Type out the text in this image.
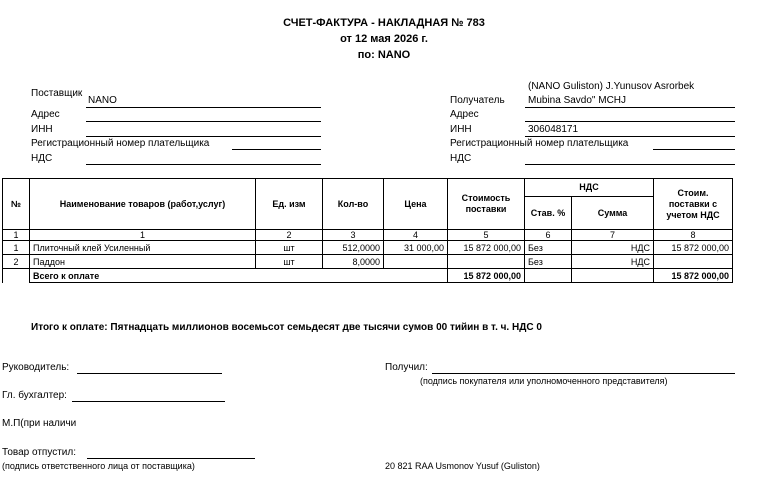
СЧЕТ-ФАКТУРА - НАКЛАДНАЯ № 783
от 12 мая 2026 г.
по: NANO
Поставщик
NANO
Адрес
ИНН
Регистрационный номер плательщика
НДС
(NANO Guliston) J.Yunusov Asrorbek
Получатель Mubina Savdo" MCHJ
Адрес
ИНН	306048171
Регистрационный номер плательщика
НДС
№	Наименование товаров (работ,услуг)	Ед. изм	Кол-во	Цена	Стоимость поставки	НДС		Стоим. поставки с учетом НДС
						Став. %	Сумма	
1	1	2	3	4	5	6	7	8
1	Плиточный клей Усиленный	шт	512,0000	31 000,00	15 872 000,00	Без	НДС	15 872 000,00
2	Паддон	шт	8,0000			Без	НДС	
	Всего к оплате				15 872 000,00			15 872 000,00
Итого к оплате: Пятнадцать миллионов восемьсот семьдесят две тысячи сумов 00 тийин в т. ч. НДС 0
Руководитель:	Получил:
(подпись покупателя или уполномоченного представителя)
Гл. бухгалтер:
М.П(при наличи
Товар отпустил:
(подпись ответственного лица от поставщика)	20 821 RAA Usmonov Yusuf (Guliston)
